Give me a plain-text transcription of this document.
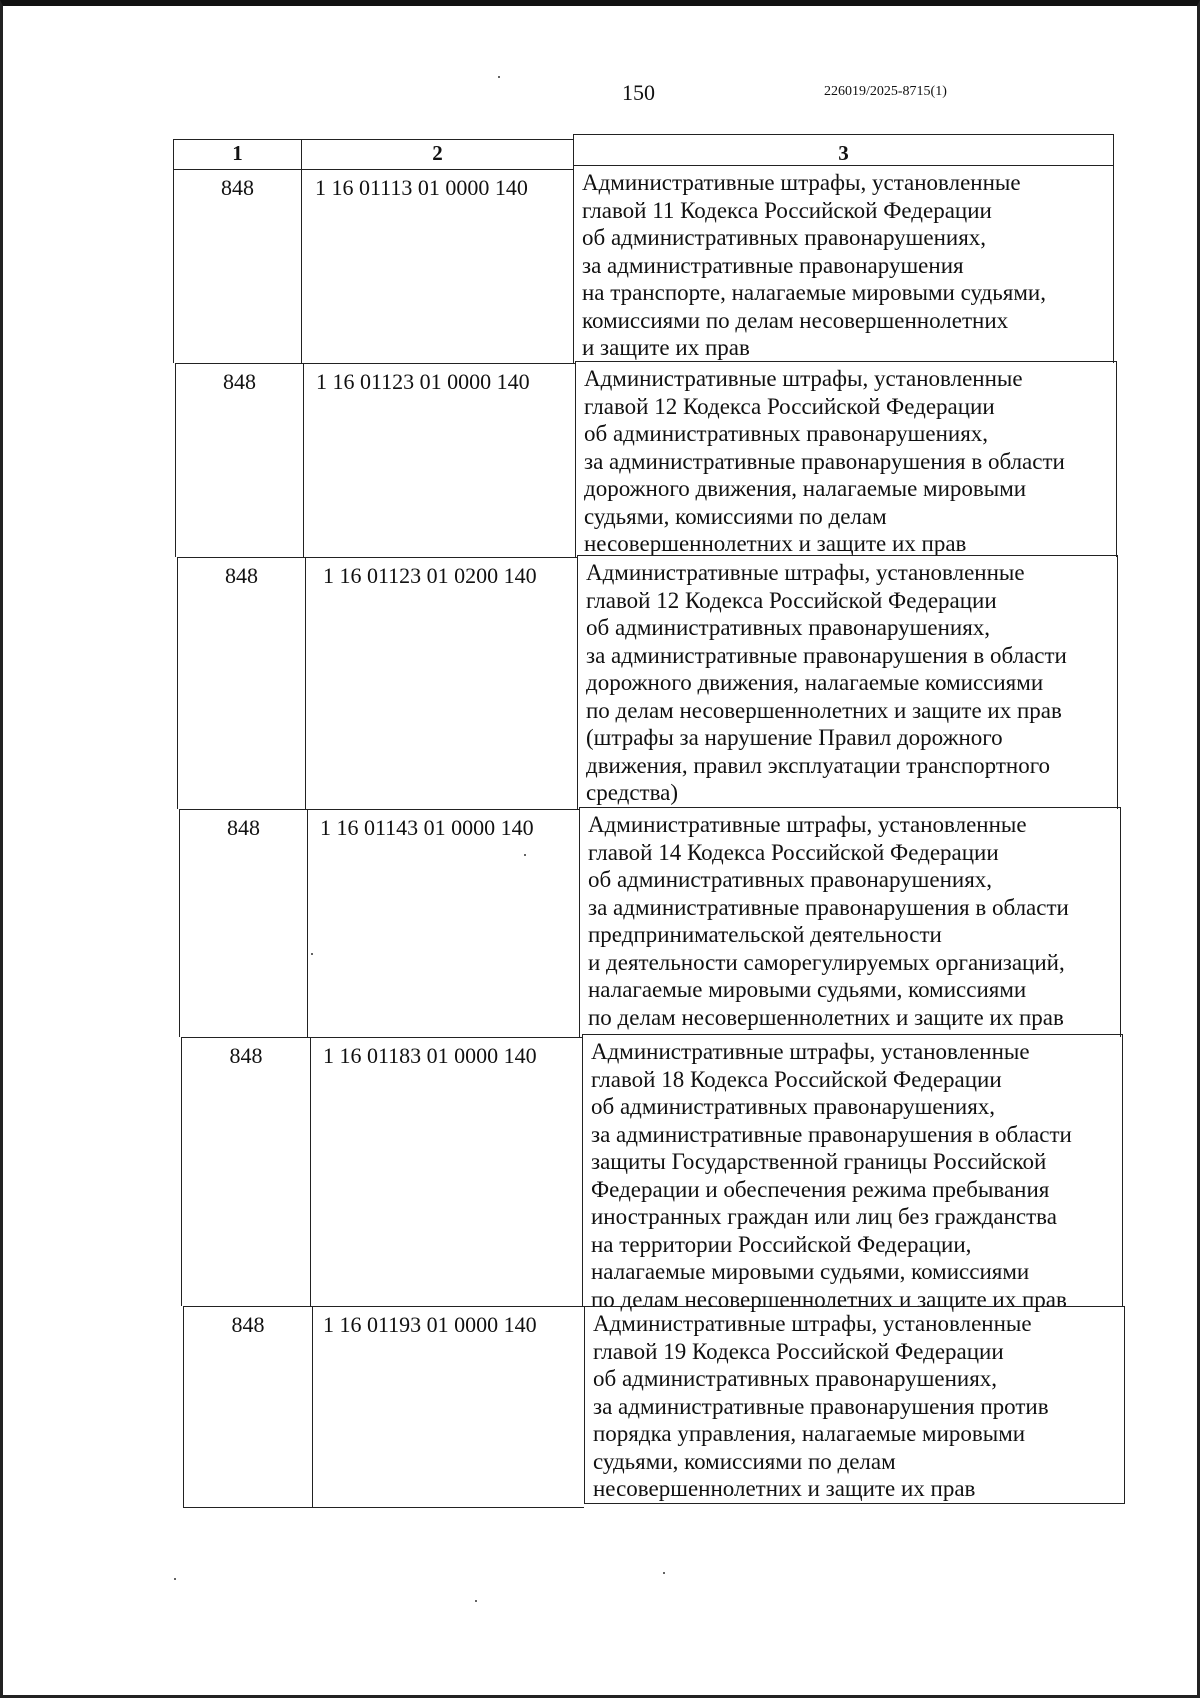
150	226019/2025-8715(1)
1	2	3
848	1 16 01113 01 0000 140	Административные штрафы, установленные
главой 11 Кодекса Российской Федерации
об административных правонарушениях,
за административные правонарушения
на транспорте, налагаемые мировыми судьями,
комиссиями по делам несовершеннолетних
и защите их прав
848	1 16 01123 01 0000 140	Административные штрафы, установленные
главой 12 Кодекса Российской Федерации
об административных правонарушениях,
за административные правонарушения в области
дорожного движения, налагаемые мировыми
судьями, комиссиями по делам
несовершеннолетних и защите их прав
848	1 16 01123 01 0200 140	Административные штрафы, установленные
главой 12 Кодекса Российской Федерации
об административных правонарушениях,
за административные правонарушения в области
дорожного движения, налагаемые комиссиями
по делам несовершеннолетних и защите их прав
(штрафы за нарушение Правил дорожного
движения, правил эксплуатации транспортного
средства)
848	1 16 01143 01 0000 140	Административные штрафы, установленные
главой 14 Кодекса Российской Федерации
об административных правонарушениях,
за административные правонарушения в области
предпринимательской деятельности
и деятельности саморегулируемых организаций,
налагаемые мировыми судьями, комиссиями
по делам несовершеннолетних и защите их прав
848	1 16 01183 01 0000 140	Административные штрафы, установленные
главой 18 Кодекса Российской Федерации
об административных правонарушениях,
за административные правонарушения в области
защиты Государственной границы Российской
Федерации и обеспечения режима пребывания
иностранных граждан или лиц без гражданства
на территории Российской Федерации,
налагаемые мировыми судьями, комиссиями
по делам несовершеннолетних и защите их прав
848	1 16 01193 01 0000 140	Административные штрафы, установленные
главой 19 Кодекса Российской Федерации
об административных правонарушениях,
за административные правонарушения против
порядка управления, налагаемые мировыми
судьями, комиссиями по делам
несовершеннолетних и защите их прав
